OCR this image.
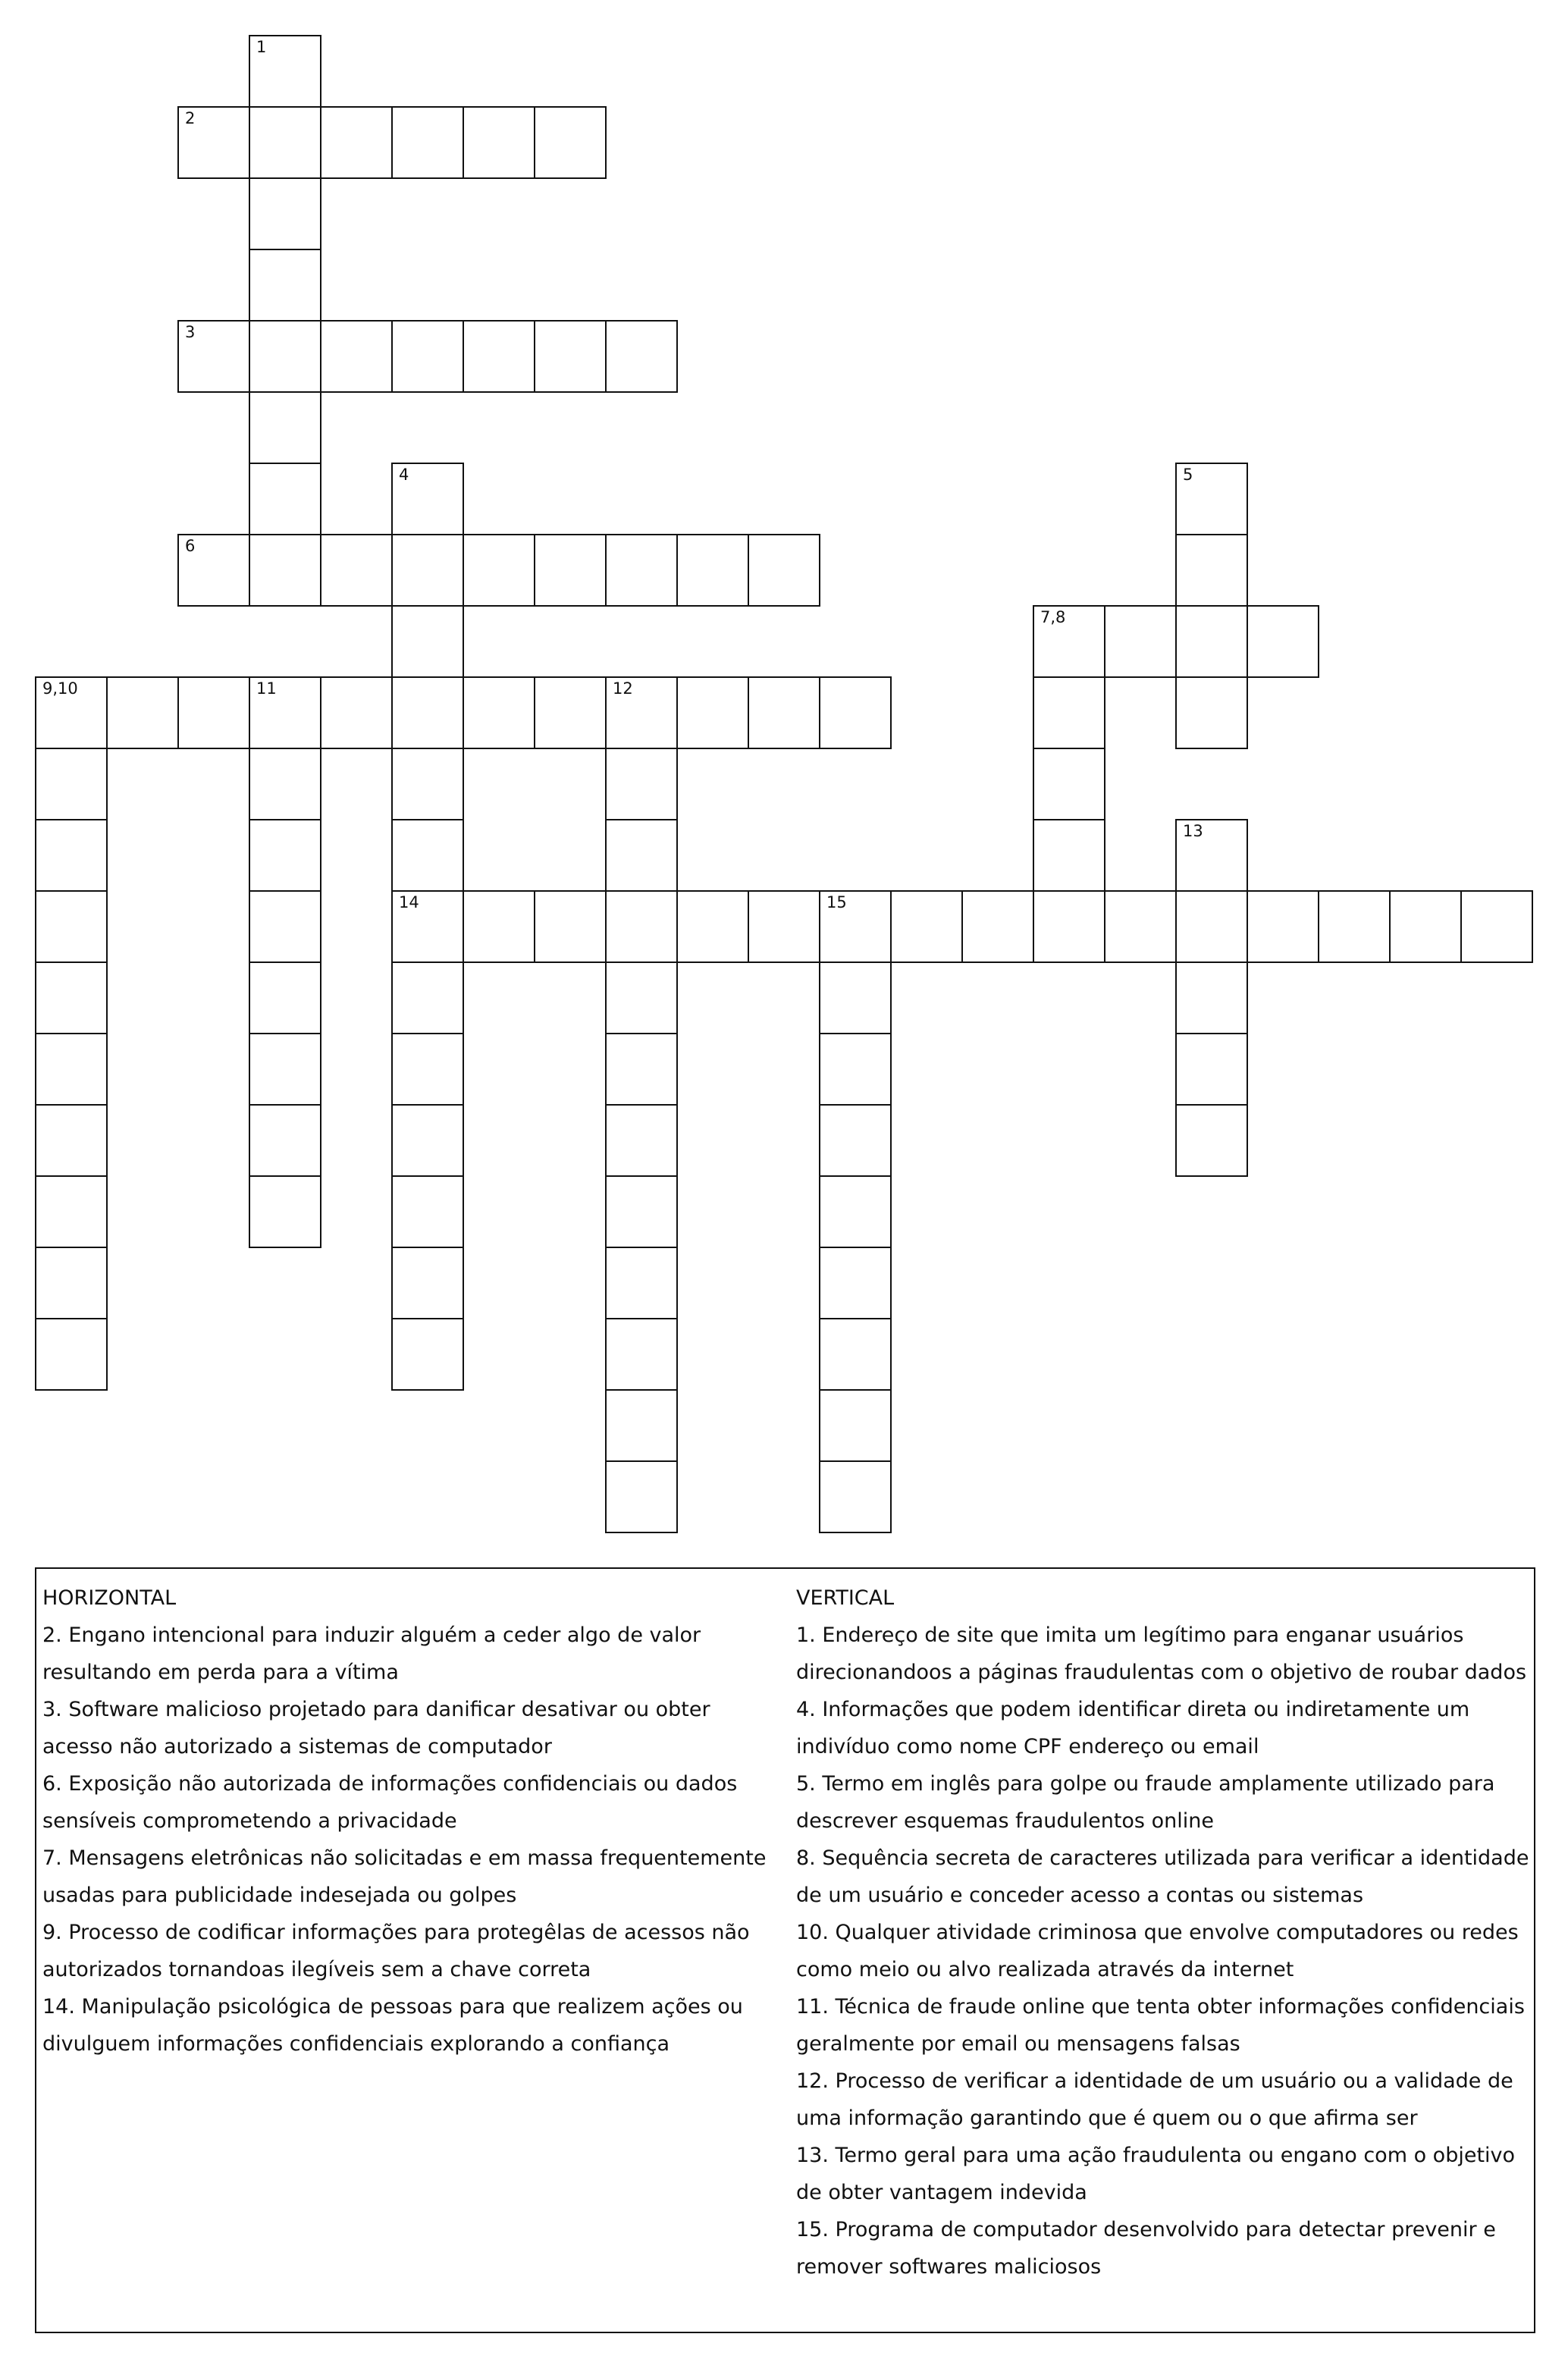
1
2
3
4
14
5
6
7,8
9,10	11	12
13
15
HORIZONTAL
2. Engano intencional para induzir alguém a ceder algo de valor
resultando em perda para a vítima
3. Software malicioso projetado para danificar desativar ou obter
acesso não autorizado a sistemas de computador
6. Exposição não autorizada de informações confidenciais ou dados
sensíveis comprometendo a privacidade
7. Mensagens eletrônicas não solicitadas e em massa frequentemente
usadas para publicidade indesejada ou golpes
9. Processo de codificar informações para protegêlas de acessos não
autorizados tornandoas ilegíveis sem a chave correta
14. Manipulação psicológica de pessoas para que realizem ações ou
divulguem informações confidenciais explorando a confiança
VERTICAL
1. Endereço de site que imita um legítimo para enganar usuários
direcionandoos a páginas fraudulentas com o objetivo de roubar dados
4. Informações que podem identificar direta ou indiretamente um
indivíduo como nome CPF endereço ou email
5. Termo em inglês para golpe ou fraude amplamente utilizado para
descrever esquemas fraudulentos online
8. Sequência secreta de caracteres utilizada para verificar a identidade
de um usuário e conceder acesso a contas ou sistemas
10. Qualquer atividade criminosa que envolve computadores ou redes
como meio ou alvo realizada através da internet
11. Técnica de fraude online que tenta obter informações confidenciais
geralmente por email ou mensagens falsas
12. Processo de verificar a identidade de um usuário ou a validade de
uma informação garantindo que é quem ou o que afirma ser
13. Termo geral para uma ação fraudulenta ou engano com o objetivo
de obter vantagem indevida
15. Programa de computador desenvolvido para detectar prevenir e
remover softwares maliciosos
